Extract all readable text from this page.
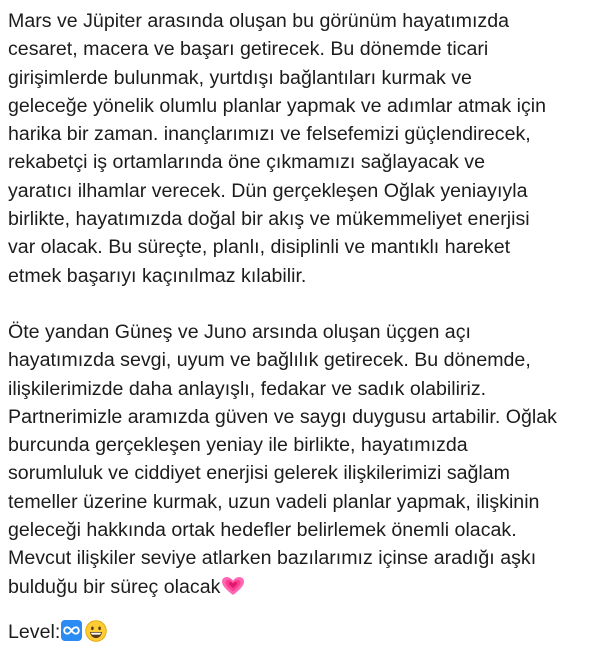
Mars ve Jüpiter arasında oluşan bu görünüm hayatımızda
cesaret, macera ve başarı getirecek. Bu dönemde ticari
girişimlerde bulunmak, yurtdışı bağlantıları kurmak ve
geleceğe yönelik olumlu planlar yapmak ve adımlar atmak için
harika bir zaman. inançlarımızı ve felsefemizi güçlendirecek,
rekabetçi iş ortamlarında öne çıkmamızı sağlayacak ve
yaratıcı ilhamlar verecek. Dün gerçekleşen Oğlak yeniayıyla
birlikte, hayatımızda doğal bir akış ve mükemmeliyet enerjisi
var olacak. Bu süreçte, planlı, disiplinli ve mantıklı hareket
etmek başarıyı kaçınılmaz kılabilir.
Öte yandan Güneş ve Juno arsında oluşan üçgen açı
hayatımızda sevgi, uyum ve bağlılık getirecek. Bu dönemde,
ilişkilerimizde daha anlayışlı, fedakar ve sadık olabiliriz.
Partnerimizle aramızda güven ve saygı duygusu artabilir. Oğlak
burcunda gerçekleşen yeniay ile birlikte, hayatımızda
sorumluluk ve ciddiyet enerjisi gelerek ilişkilerimizi sağlam
temeller üzerine kurmak, uzun vadeli planlar yapmak, ilişkinin
geleceği hakkında ortak hedefler belirlemek önemli olacak.
Mevcut ilişkiler seviye atlarken bazılarımız içinse aradığı aşkı
bulduğu bir süreç olacak
Level:
